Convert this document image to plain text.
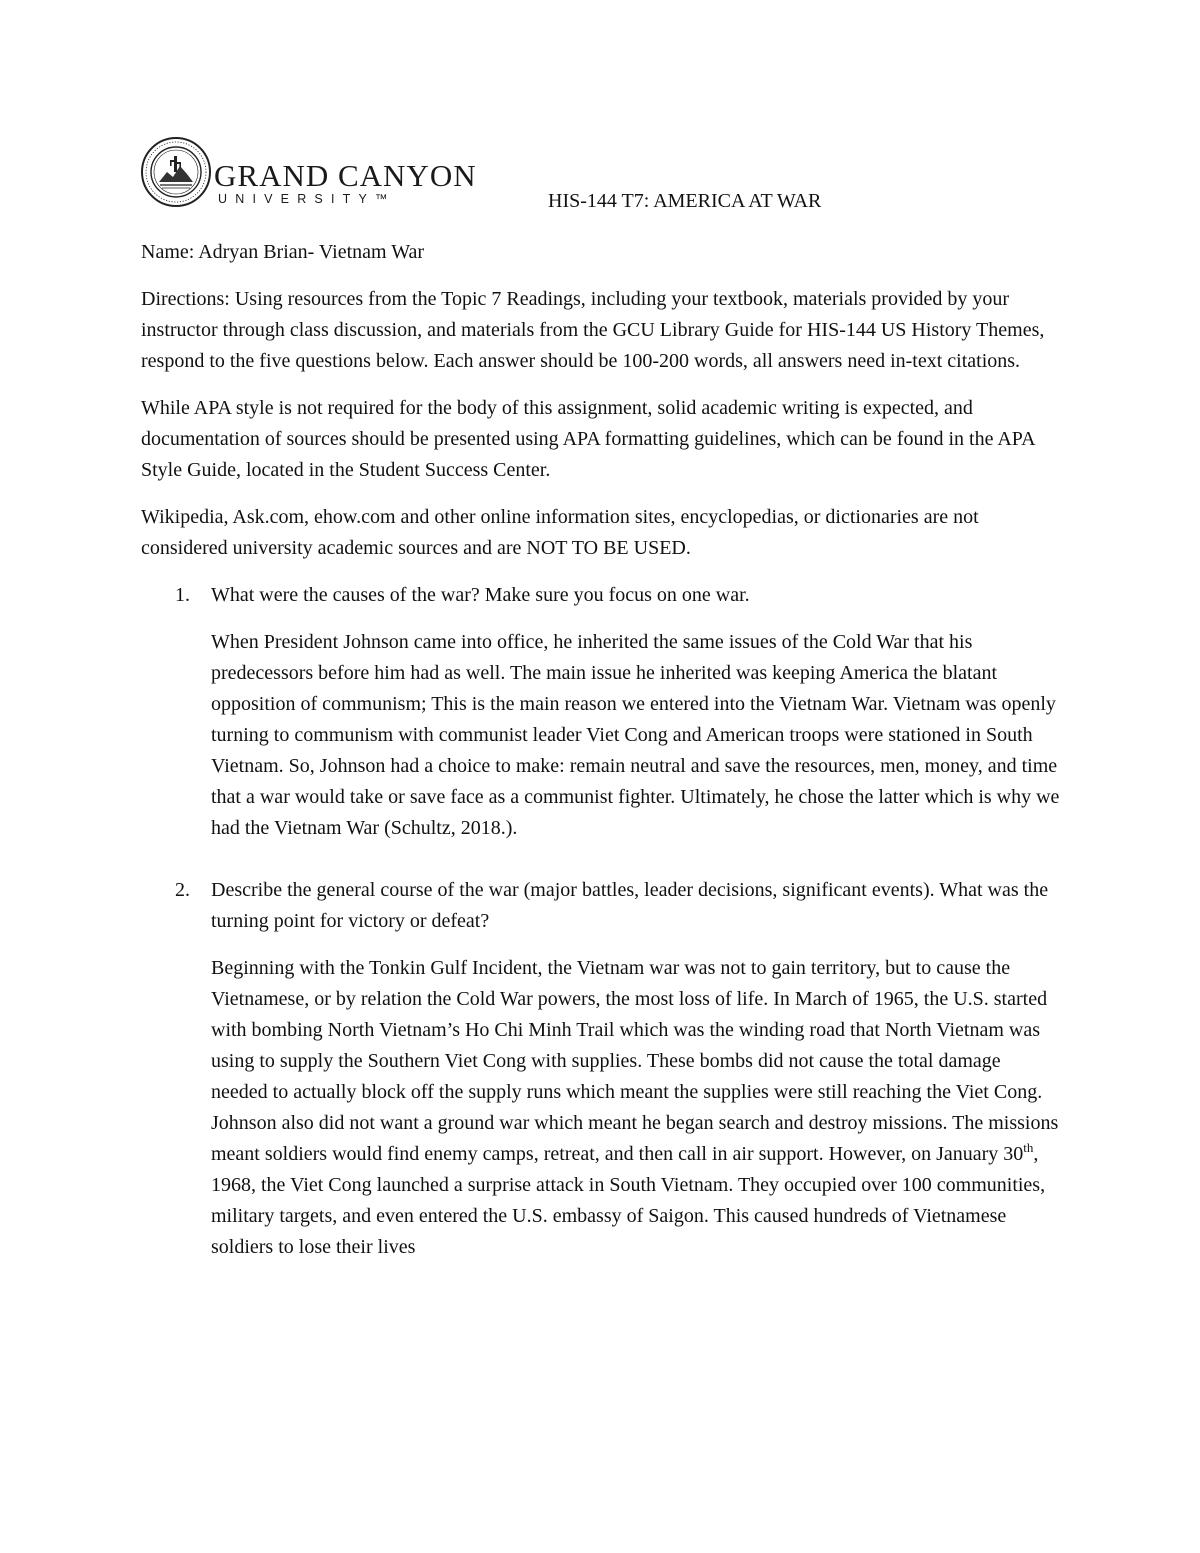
GRAND CANYON
UNIVERSITY™	HIS-144 T7: AMERICA AT WAR

Name: Adryan Brian- Vietnam War

Directions: Using resources from the Topic 7 Readings, including your textbook, materials provided by your instructor through class discussion, and materials from the GCU Library Guide for HIS-144 US History Themes, respond to the five questions below. Each answer should be 100-200 words, all answers need in-text citations.

While APA style is not required for the body of this assignment, solid academic writing is expected, and documentation of sources should be presented using APA formatting guidelines, which can be found in the APA Style Guide, located in the Student Success Center.

Wikipedia, Ask.com, ehow.com and other online information sites, encyclopedias, or dictionaries are not considered university academic sources and are NOT TO BE USED.

1. What were the causes of the war? Make sure you focus on one war.

When President Johnson came into office, he inherited the same issues of the Cold War that his predecessors before him had as well. The main issue he inherited was keeping America the blatant opposition of communism; This is the main reason we entered into the Vietnam War. Vietnam was openly turning to communism with communist leader Viet Cong and American troops were stationed in South Vietnam. So, Johnson had a choice to make: remain neutral and save the resources, men, money, and time that a war would take or save face as a communist fighter. Ultimately, he chose the latter which is why we had the Vietnam War (Schultz, 2018.).

2. Describe the general course of the war (major battles, leader decisions, significant events). What was the turning point for victory or defeat?

Beginning with the Tonkin Gulf Incident, the Vietnam war was not to gain territory, but to cause the Vietnamese, or by relation the Cold War powers, the most loss of life. In March of 1965, the U.S. started with bombing North Vietnam’s Ho Chi Minh Trail which was the winding road that North Vietnam was using to supply the Southern Viet Cong with supplies. These bombs did not cause the total damage needed to actually block off the supply runs which meant the supplies were still reaching the Viet Cong. Johnson also did not want a ground war which meant he began search and destroy missions. The missions meant soldiers would find enemy camps, retreat, and then call in air support. However, on January 30th, 1968, the Viet Cong launched a surprise attack in South Vietnam. They occupied over 100 communities, military targets, and even entered the U.S. embassy of Saigon. This caused hundreds of Vietnamese soldiers to lose their lives
